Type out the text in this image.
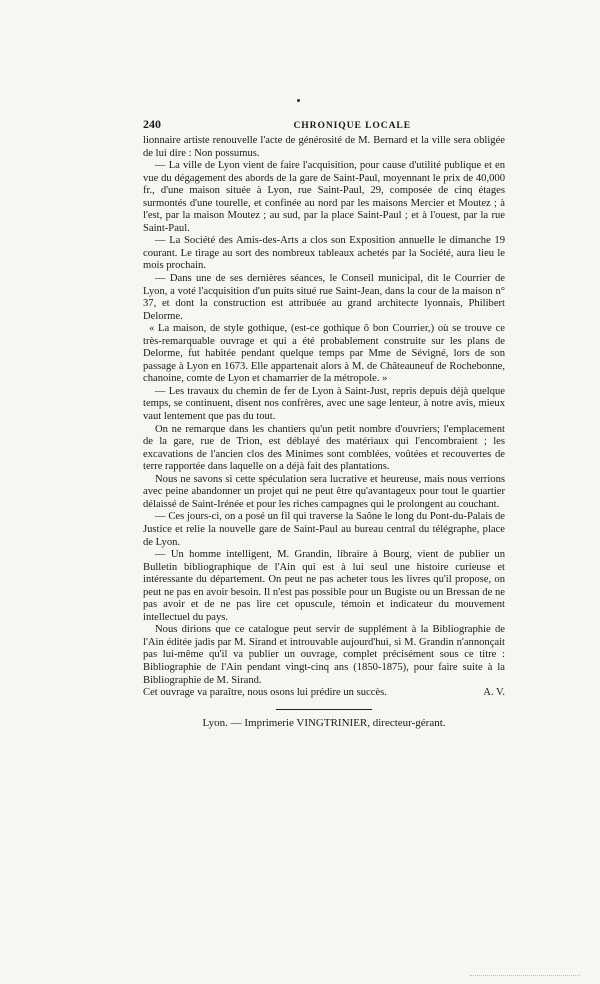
240	CHRONIQUE LOCALE

lionnaire artiste renouvelle l'acte de générosité de M. Bernard et la ville sera obligée de lui dire : Non possumus.

— La ville de Lyon vient de faire l'acquisition, pour cause d'utilité publique et en vue du dégagement des abords de la gare de Saint-Paul, moyennant le prix de 40,000 fr., d'une maison située à Lyon, rue Saint-Paul, 29, composée de cinq étages surmontés d'une tourelle, et confinée au nord par les maisons Mercier et Moutez ; à l'est, par la maison Moutez ; au sud, par la place Saint-Paul ; et à l'ouest, par la rue Saint-Paul.

— La Société des Amis-des-Arts a clos son Exposition annuelle le dimanche 19 courant. Le tirage au sort des nombreux tableaux achetés par la Société, aura lieu le mois prochain.

— Dans une de ses dernières séances, le Conseil municipal, dit le Courrier de Lyon, a voté l'acquisition d'un puits situé rue Saint-Jean, dans la cour de la maison n° 37, et dont la construction est attribuée au grand architecte lyonnais, Philibert Delorme.

« La maison, de style gothique, (est-ce gothique ô bon Courrier,) où se trouve ce très-remarquable ouvrage et qui a été probablement construite sur les plans de Delorme, fut habitée pendant quelque temps par Mme de Sévigné, lors de son passage à Lyon en 1673. Elle appartenait alors à M. de Châteauneuf de Rochebonne, chanoine, comte de Lyon et chamarrier de la métropole. »

— Les travaux du chemin de fer de Lyon à Saint-Just, repris depuis déjà quelque temps, se continuent, disent nos confrères, avec une sage lenteur, à notre avis, mieux vaut lentement que pas du tout.

On ne remarque dans les chantiers qu'un petit nombre d'ouvriers; l'emplacement de la gare, rue de Trion, est déblayé des matériaux qui l'encombraient ; les excavations de l'ancien clos des Minimes sont comblées, voûtées et recouvertes de terre rapportée dans laquelle on a déjà fait des plantations.

Nous ne savons si cette spéculation sera lucrative et heureuse, mais nous verrions avec peine abandonner un projet qui ne peut être qu'avantageux pour tout le quartier délaissé de Saint-Irénée et pour les riches campagnes qui le prolongent au couchant.

— Ces jours-ci, on a posé un fil qui traverse la Saône le long du Pont-du-Palais de Justice et relie la nouvelle gare de Saint-Paul au bureau central du télégraphe, place de Lyon.

— Un homme intelligent, M. Grandin, libraire à Bourg, vient de publier un Bulletin bibliographique de l'Ain qui est à lui seul une histoire curieuse et intéressante du département. On peut ne pas acheter tous les livres qu'il propose, on peut ne pas en avoir besoin. Il n'est pas possible pour un Bugiste ou un Bressan de ne pas avoir et de ne pas lire cet opuscule, témoin et indicateur du mouvement intellectuel du pays.

Nous dirions que ce catalogue peut servir de supplément à la Bibliographie de l'Ain éditée jadis par M. Sirand et introuvable aujourd'hui, si M. Grandin n'annonçait pas lui-même qu'il va publier un ouvrage, complet précisément sous ce titre : Bibliographie de l'Ain pendant vingt-cinq ans (1850-1875), pour faire suite à la Bibliographie de M. Sirand.

Cet ouvrage va paraître, nous osons lui prédire un succès.	A. V.
Lyon. — Imprimerie VINGTRINIER, directeur-gérant.
